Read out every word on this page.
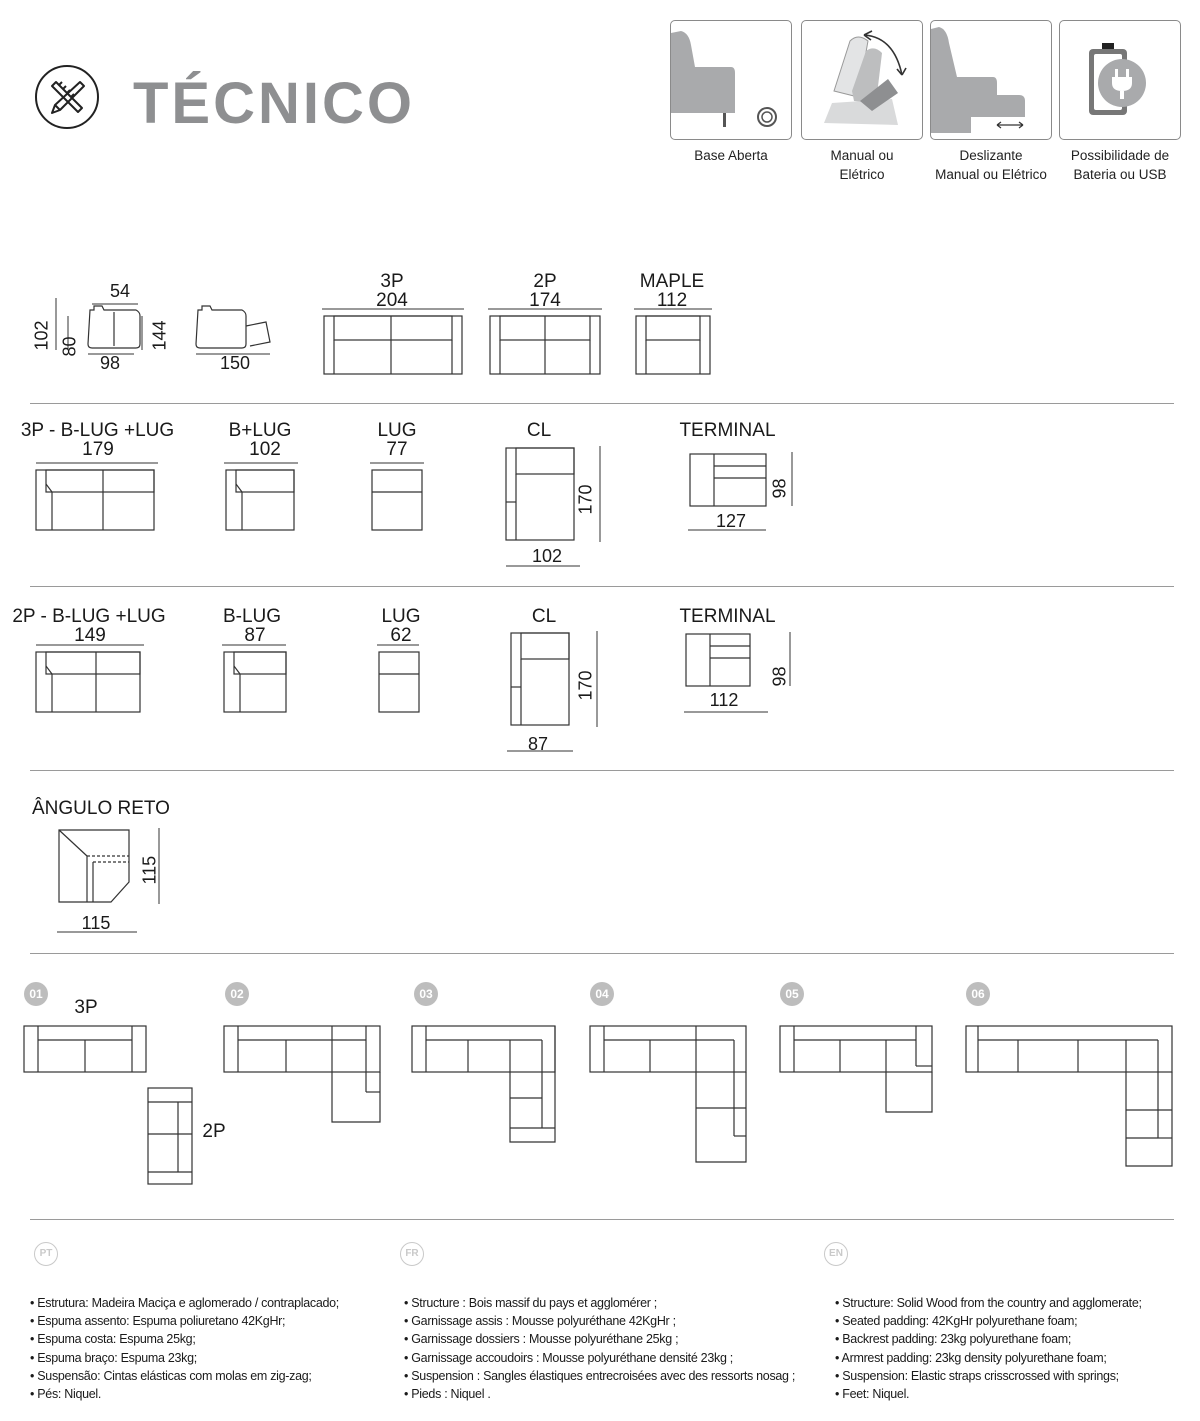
TÉCNICO
Base Aberta	Manual ou
Elétrico
Deslizante
Manual ou Elétrico
Possibilidade de
Bateria ou USB
54
102 80	144
98	150
3P
204
2P
174
MAPLE
112
3P - B-LUG +LUG
179
B+LUG
102
LUG
77
CL
170
102
TERMINAL
98
127
2P - B-LUG +LUG
149
B-LUG
87
LUG
62
CL
170
87
TERMINAL
98
112
ÂNGULO RETO
115
115
01	02	03	04	05	06
3P
2P
PT	FR	EN
• Estrutura: Madeira Maciça e aglomerado / contraplacado;
• Espuma assento: Espuma poliuretano 42KgHr;
• Espuma costa: Espuma 25kg;
• Espuma braço: Espuma 23kg;
• Suspensão: Cintas elásticas com molas em zig-zag;
• Pés: Niquel.
• Structure : Bois massif du pays et agglomérer ;
• Garnissage assis : Mousse polyuréthane 42KgHr ;
• Garnissage dossiers : Mousse polyuréthane 25kg ;
• Garnissage accoudoirs : Mousse polyuréthane densité 23kg ;
• Suspension : Sangles élastiques entrecroisées avec des ressorts nosag ;
• Pieds : Niquel .
• Structure: Solid Wood from the country and agglomerate;
• Seated padding: 42KgHr polyurethane foam;
• Backrest padding: 23kg polyurethane foam;
• Armrest padding: 23kg density polyurethane foam;
• Suspension: Elastic straps crisscrossed with springs;
• Feet: Niquel.
